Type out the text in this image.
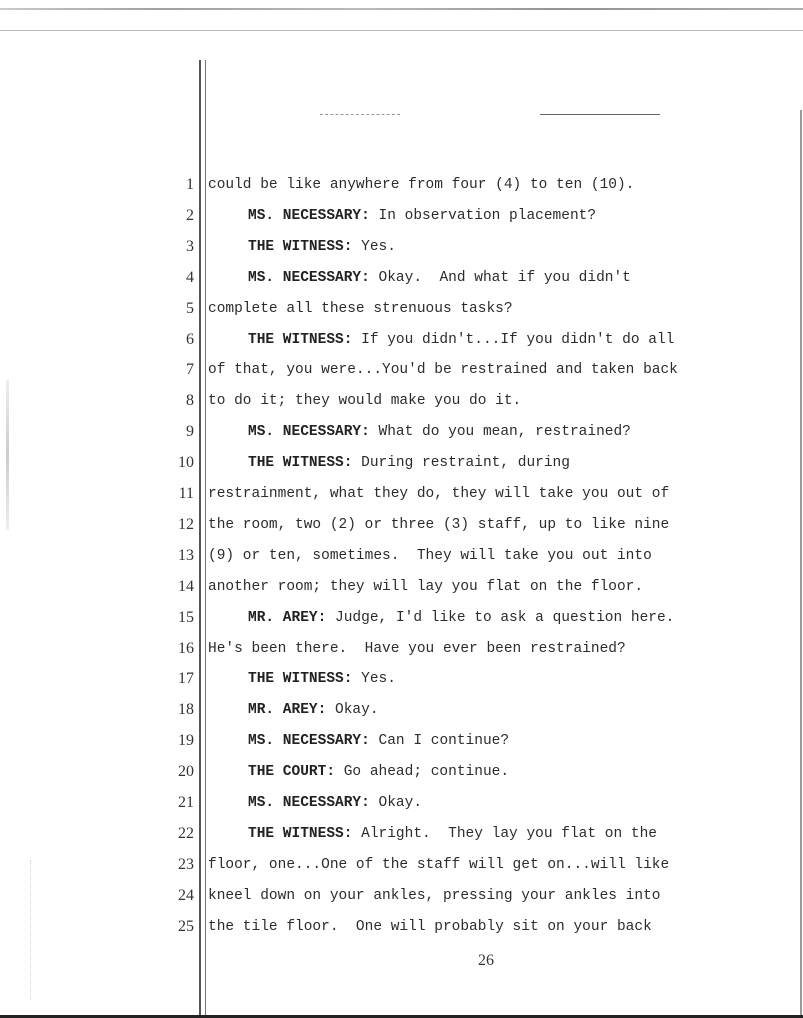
1 could be like anywhere from four (4) to ten (10).
2	MS. NECESSARY: In observation placement?
3	THE WITNESS: Yes.
4	MS. NECESSARY: Okay.  And what if you didn't
5 complete all these strenuous tasks?
6	THE WITNESS: If you didn't...If you didn't do all
7 of that, you were...You'd be restrained and taken back
8 to do it; they would make you do it.
9	MS. NECESSARY: What do you mean, restrained?
10	THE WITNESS: During restraint, during
11 restrainment, what they do, they will take you out of
12 the room, two (2) or three (3) staff, up to like nine
13 (9) or ten, sometimes.  They will take you out into
14 another room; they will lay you flat on the floor.
15	MR. AREY: Judge, I'd like to ask a question here.
16 He's been there.  Have you ever been restrained?
17	THE WITNESS: Yes.
18	MR. AREY: Okay.
19	MS. NECESSARY: Can I continue?
20	THE COURT: Go ahead; continue.
21	MS. NECESSARY: Okay.
22	THE WITNESS: Alright.  They lay you flat on the
23 floor, one...One of the staff will get on...will like
24 kneel down on your ankles, pressing your ankles into
25 the tile floor.  One will probably sit on your back
26
